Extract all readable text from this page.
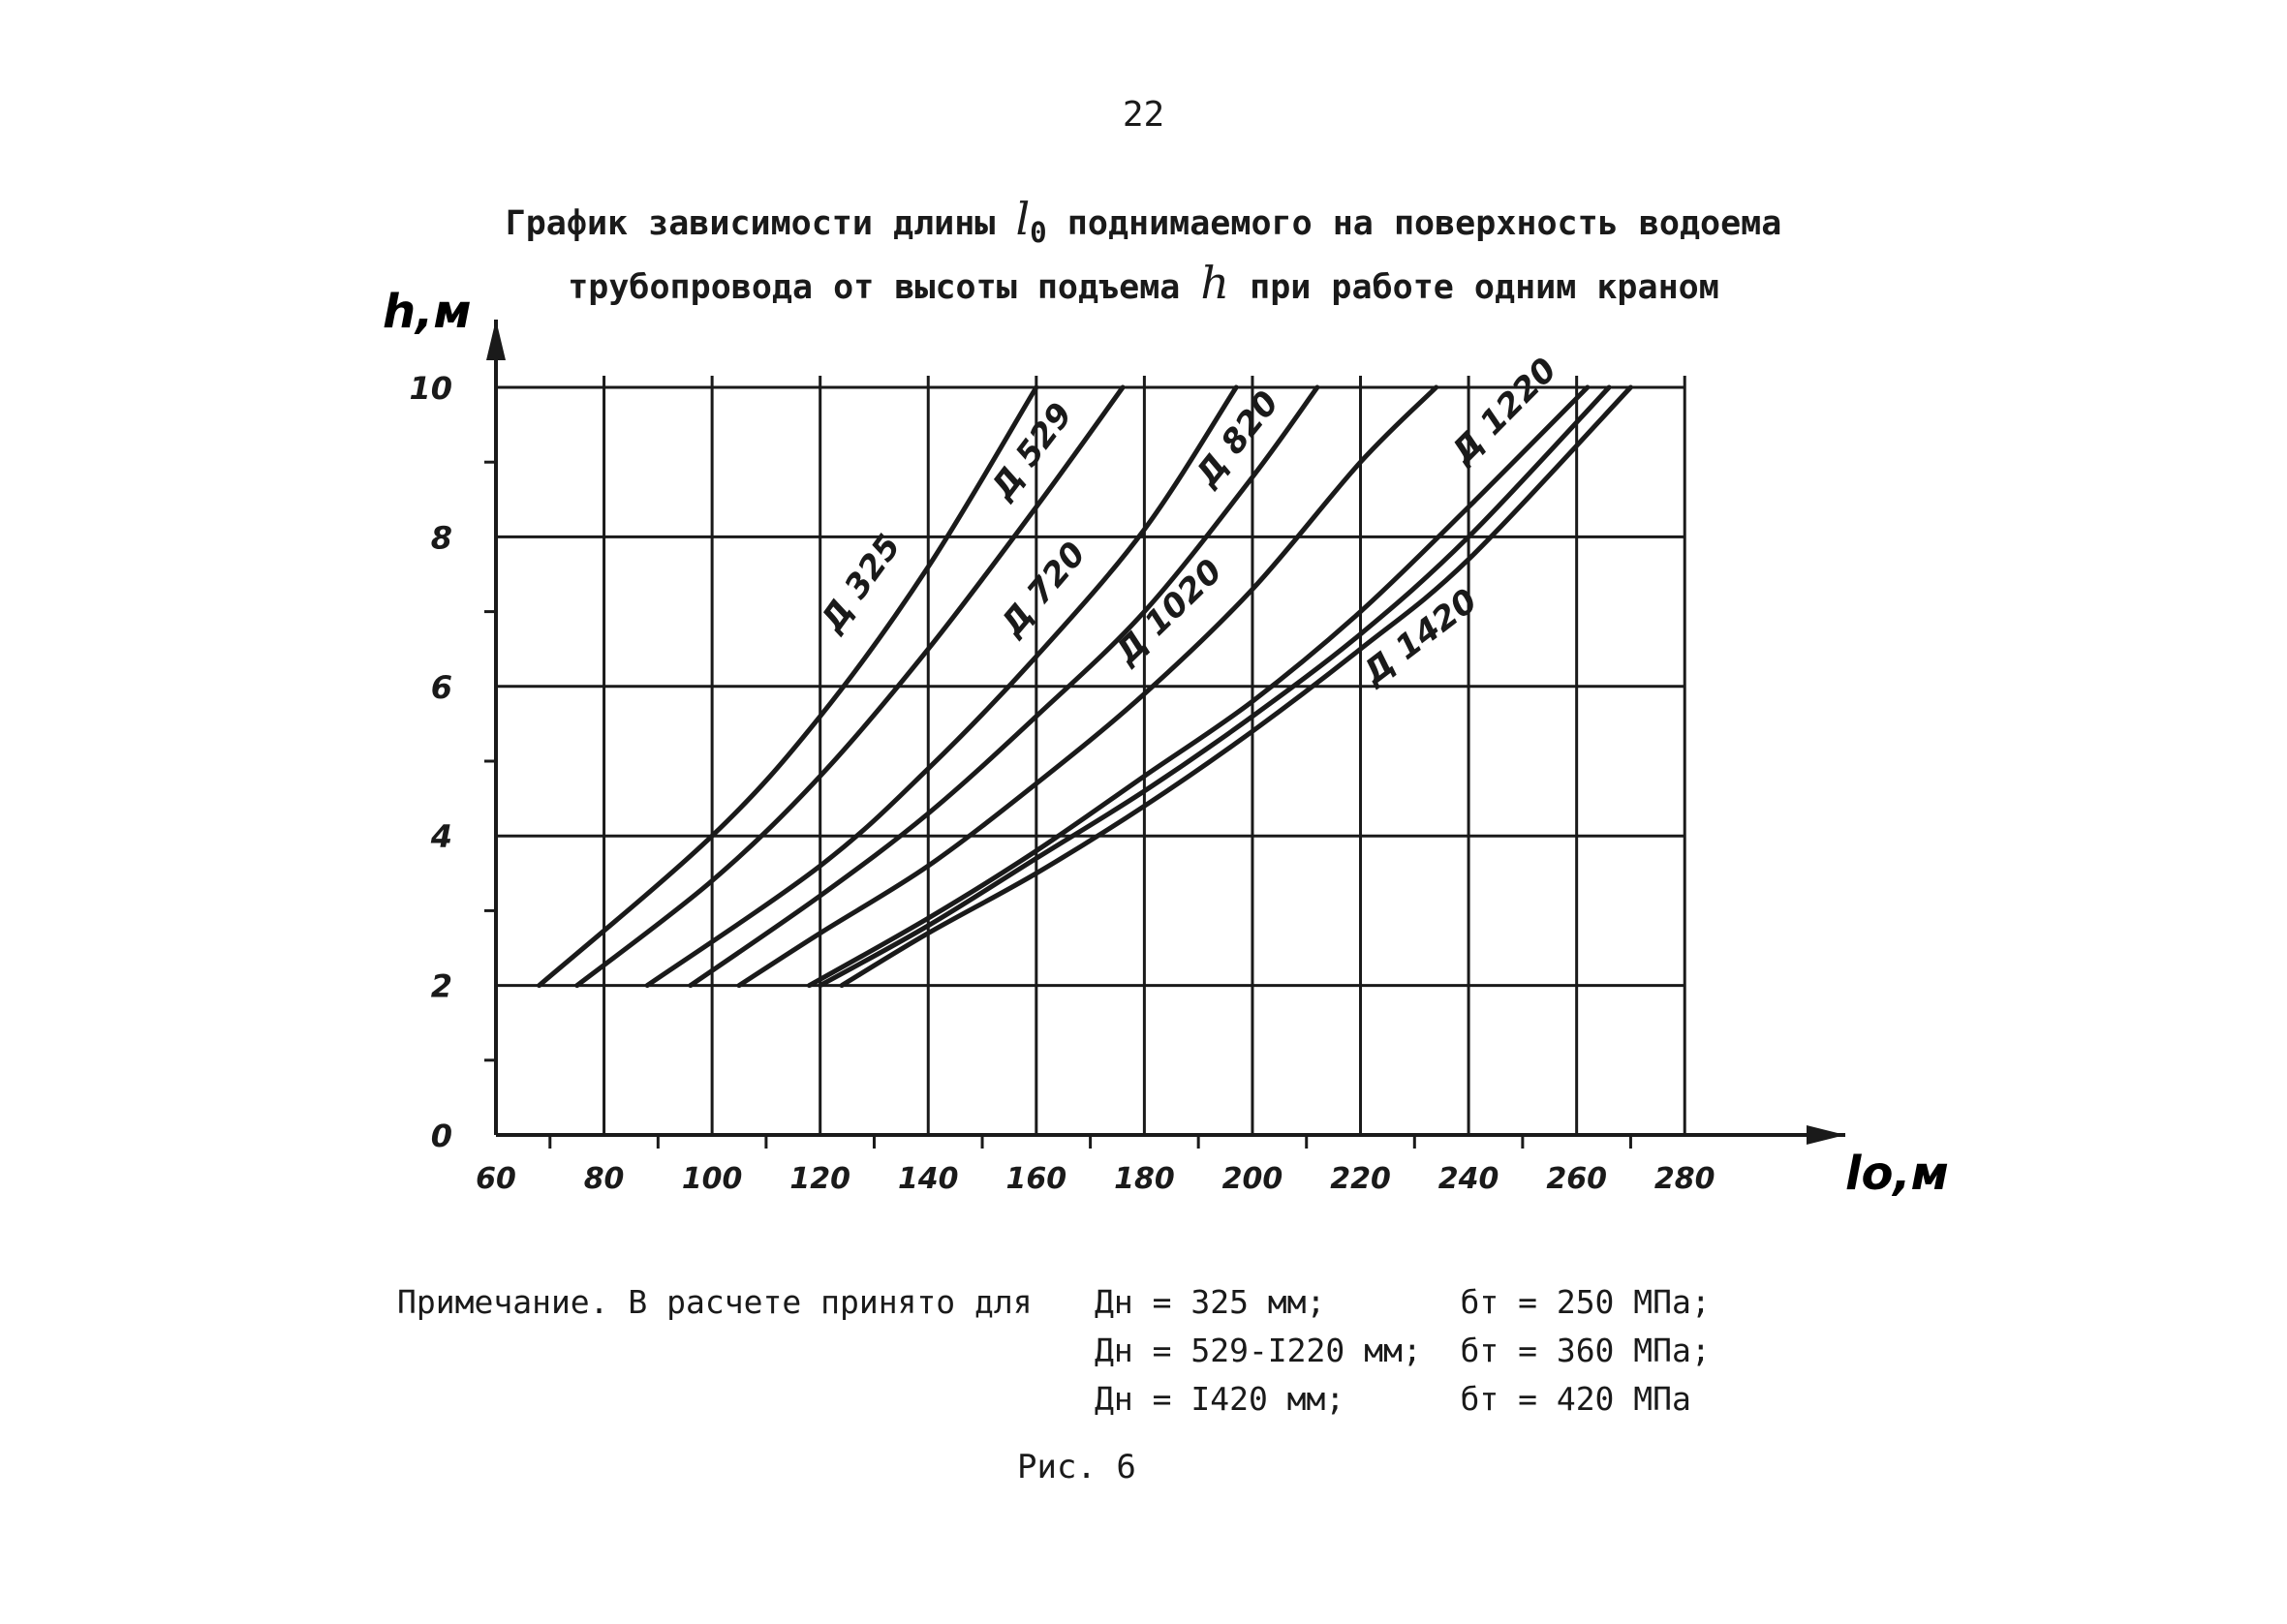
22
График зависимости длины $l_0$ поднимаемого на поверхность водоема
трубопровода от высоты подъема h при работе одним краном
60 80 100 120 140 160 180 200 220 240 260 280
0
2
4
6
8
10
Д 325
Д 529
Д 720
Д 820
Д 1020
Д 1220
Д 1420
lo,м
h,м
Примечание. В расчете принято для Дн = 325 мм;       бт = 250 МПа;
Дн = 529-I220 мм;  бт = 360 МПа;
Дн = I420 мм;      бт = 420 МПа
Рис. 6
